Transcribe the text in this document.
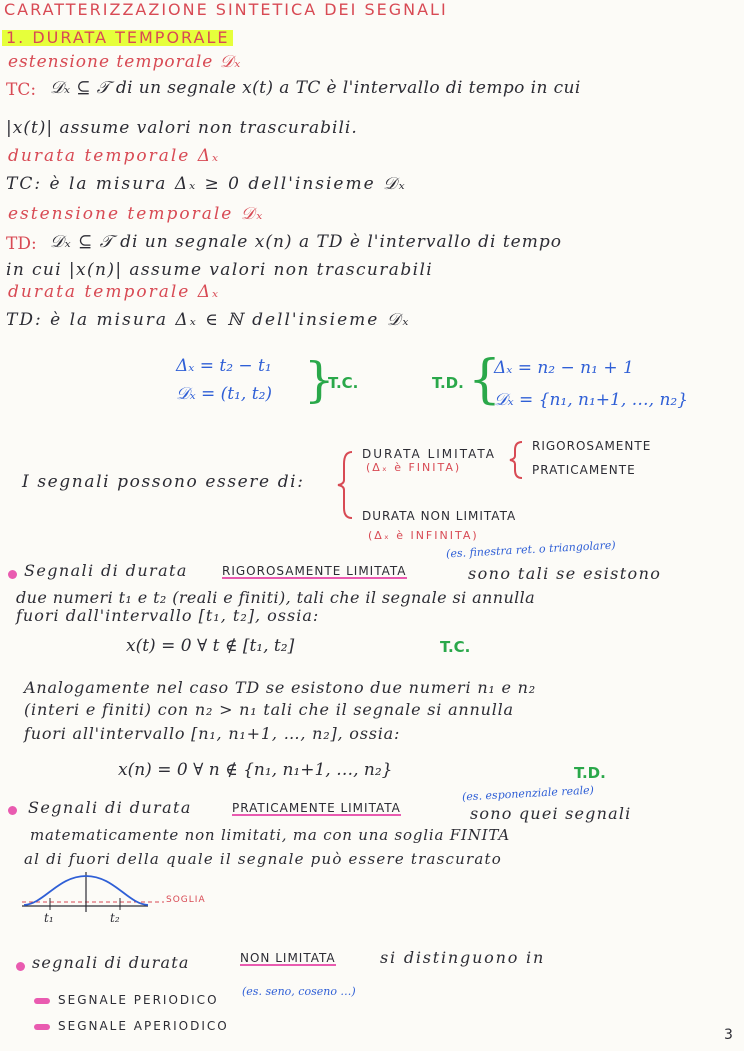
CARATTERIZZAZIONE SINTETICA DEI SEGNALI
1. DURATA TEMPORALE
estensione temporale 𝒟ₓ
TC: 𝒟ₓ ⊆ 𝒯 di un segnale x(t) a TC è l'intervallo di tempo in cui
|x(t)| assume valori non trascurabili.
durata temporale Δₓ
TC: è la misura Δₓ ≥ 0 dell'insieme 𝒟ₓ
estensione temporale 𝒟ₓ
TD: 𝒟ₓ ⊆ 𝒯 di un segnale x(n) a TD è l'intervallo di tempo
in cui |x(n)| assume valori non trascurabili
durata temporale Δₓ
TD: è la misura Δₓ ∈ ℕ dell'insieme 𝒟ₓ
Δₓ = t₂ − t₁
𝒟ₓ = (t₁, t₂) }
T.C.	T.D. {
Δₓ = n₂ − n₁ + 1
𝒟ₓ = {n₁, n₁+1, …, n₂}
I segnali possono essere di:
DURATA LIMITATA
(Δₓ è FINITA)
RIGOROSAMENTE
PRATICAMENTE
DURATA NON LIMITATA
(Δₓ è INFINITA)
Segnali di durata	RIGOROSAMENTE LIMITATA
(es. finestra ret. o triangolare)
sono tali se esistono
due numeri t₁ e t₂ (reali e finiti), tali che il segnale si annulla
fuori dall'intervallo [t₁, t₂], ossia:
x(t) = 0 ∀ t ∉ [t₁, t₂]	T.C.
Analogamente nel caso TD se esistono due numeri n₁ e n₂
(interi e finiti) con n₂ > n₁ tali che il segnale si annulla
fuori all'intervallo [n₁, n₁+1, …, n₂], ossia:
x(n) = 0 ∀ n ∉ {n₁, n₁+1, …, n₂}	T.D.
Segnali di durata	PRATICAMENTE LIMITATA
(es. esponenziale reale)
sono quei segnali
matematicamente non limitati, ma con una soglia FINITA
al di fuori della quale il segnale può essere trascurato
SOGLIA
t₁	t₂
segnali di durata	NON LIMITATA	si distinguono in
SEGNALE PERIODICO
(es. seno, coseno …)
SEGNALE APERIODICO
3
